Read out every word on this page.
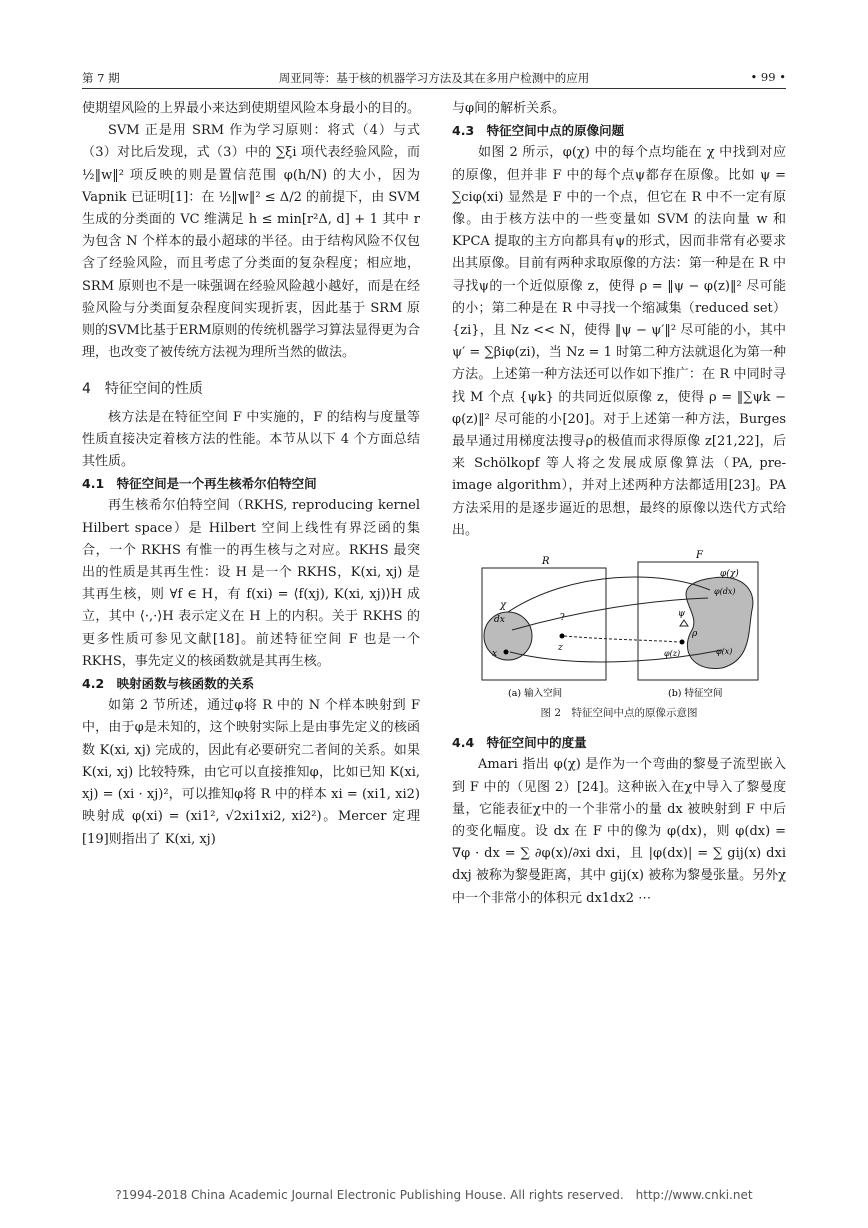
第 7 期	周亚同等：基于核的机器学习方法及其在多用户检测中的应用	• 99 •

使期望风险的上界最小来达到使期望风险本身最小的目的。

SVM 正是用 SRM 作为学习原则：将式（4）与式（3）对比后发现，式（3）中的 ∑ξi 项代表经验风险，而 ½‖w‖² 项反映的则是置信范围 φ(h/N) 的大小，因为 Vapnik 已证明[1]：在 ½‖w‖² ≤ Δ/2 的前提下，由 SVM 生成的分类面的 VC 维满足 h ≤ min[r²Δ, d] + 1 其中 r 为包含 N 个样本的最小超球的半径。由于结构风险不仅包含了经验风险，而且考虑了分类面的复杂程度；相应地，SRM 原则也不是一味强调在经验风险越小越好，而是在经验风险与分类面复杂程度间实现折衷，因此基于 SRM 原则的SVM比基于ERM原则的传统机器学习算法显得更为合理，也改变了被传统方法视为理所当然的做法。

4　特征空间的性质

核方法是在特征空间 F 中实施的，F 的结构与度量等性质直接决定着核方法的性能。本节从以下 4 个方面总结其性质。

4.1　特征空间是一个再生核希尔伯特空间

再生核希尔伯特空间（RKHS, reproducing kernel Hilbert space）是 Hilbert 空间上线性有界泛函的集合，一个 RKHS 有惟一的再生核与之对应。RKHS 最突出的性质是其再生性：设 H 是一个 RKHS，K(xi, xj) 是其再生核，则 ∀f ∈ H，有 f(xi) = ⟨f(xj), K(xi, xj)⟩H 成立，其中 ⟨·,·⟩H 表示定义在 H 上的内积。关于 RKHS 的更多性质可参见文献[18]。前述特征空间 F 也是一个 RKHS，事先定义的核函数就是其再生核。

4.2　映射函数与核函数的关系

如第 2 节所述，通过φ将 R 中的 N 个样本映射到 F 中，由于φ是未知的，这个映射实际上是由事先定义的核函数 K(xi, xj) 完成的，因此有必要研究二者间的关系。如果 K(xi, xj) 比较特殊，由它可以直接推知φ，比如已知 K(xi, xj) = (xi · xj)²，可以推知φ将 R 中的样本 xi = (xi1, xi2) 映射成 φ(xi) = (xi1², √2xi1xi2, xi2²)。Mercer 定理[19]则指出了 K(xi, xj)

与φ间的解析关系。

4.3　特征空间中点的原像问题

如图 2 所示，φ(χ) 中的每个点均能在 χ 中找到对应的原像，但并非 F 中的每个点ψ都存在原像。比如 ψ = ∑ciφ(xi) 显然是 F 中的一个点，但它在 R 中不一定有原像。由于核方法中的一些变量如 SVM 的法向量 w 和 KPCA 提取的主方向都具有ψ的形式，因而非常有必要求出其原像。目前有两种求取原像的方法：第一种是在 R 中寻找ψ的一个近似原像 z，使得 ρ = ‖ψ − φ(z)‖² 尽可能的小；第二种是在 R 中寻找一个缩减集（reduced set）{zi}，且 Nz << N，使得 ‖ψ − ψ′‖² 尽可能的小，其中 ψ′ = ∑βiφ(zi)，当 Nz = 1 时第二种方法就退化为第一种方法。上述第一种方法还可以作如下推广：在 R 中同时寻找 M 个点 {ψk} 的共同近似原像 z，使得 ρ = ‖∑ψk − φ(z)‖² 尽可能的小[20]。对于上述第一种方法，Burges 最早通过用梯度法搜寻ρ的极值而求得原像 z[21,22]，后来 Schölkopf 等人将之发展成原像算法（PA, pre-image algorithm），并对上述两种方法都适用[23]。PA 方法采用的是逐步逼近的思想，最终的原像以迭代方式给出。

R
F
χ
dx
x
?
z
φ(χ)
φ(dx)
ψ
ρ
φ(z)	φ(x)
(a) 输入空间	(b) 特征空间
图 2　特征空间中点的原像示意图
4.4　特征空间中的度量

Amari 指出 φ(χ) 是作为一个弯曲的黎曼子流型嵌入到 F 中的（见图 2）[24]。这种嵌入在χ中导入了黎曼度量，它能表征χ中的一个非常小的量 dx 被映射到 F 中后的变化幅度。设 dx 在 F 中的像为 φ(dx)，则 φ(dx) = ∇φ · dx = ∑ ∂φ(x)/∂xi dxi，且 |φ(dx)| = ∑ gij(x) dxi dxj 被称为黎曼距离，其中 gij(x) 被称为黎曼张量。另外χ中一个非常小的体积元 dx1dx2 ⋯

?1994-2018 China Academic Journal Electronic Publishing House. All rights reserved.　http://www.cnki.net
